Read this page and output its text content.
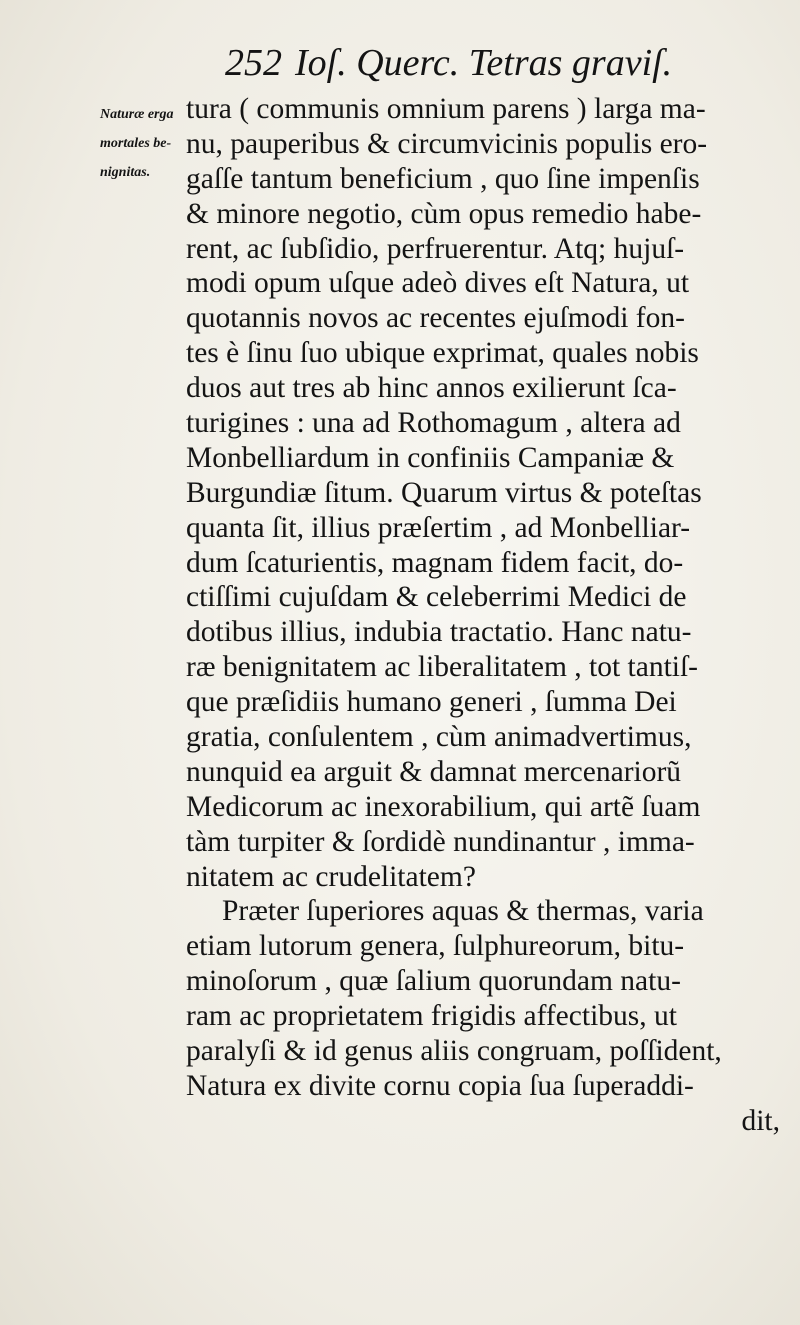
252 Ioſ. Querc. Tetras graviſ.
Naturæ erga
mortales be-
nignitas.
tura ( communis omnium parens ) larga ma-
nu, pauperibus & circumvicinis populis ero-
gaſſe tantum beneficium , quo ſine impenſis
& minore negotio, cùm opus remedio habe-
rent, ac ſubſidio, perfruerentur. Atq; hujuſ-
modi opum uſque adeò dives eſt Natura, ut
quotannis novos ac recentes ejuſmodi fon-
tes è ſinu ſuo ubique exprimat, quales nobis
duos aut tres ab hinc annos exilierunt ſca-
turigines : una ad Rothomagum , altera ad
Monbelliardum in confiniis Campaniæ &
Burgundiæ ſitum. Quarum virtus & poteſtas
quanta ſit, illius præſertim , ad Monbelliar-
dum ſcaturientis, magnam fidem facit, do-
ctiſſimi cujuſdam & celeberrimi Medici de
dotibus illius, indubia tractatio. Hanc natu-
ræ benignitatem ac liberalitatem , tot tantiſ-
que præſidiis humano generi , ſumma Dei
gratia, conſulentem , cùm animadvertimus,
nunquid ea arguit & damnat mercenariorũ
Medicorum ac inexorabilium, qui artẽ ſuam
tàm turpiter & ſordidè nundinantur , imma-
nitatem ac crudelitatem?
Præter ſuperiores aquas & thermas, varia
etiam lutorum genera, ſulphureorum, bitu-
minoſorum , quæ ſalium quorundam natu-
ram ac proprietatem frigidis affectibus, ut
paralyſi & id genus aliis congruam, poſſident,
Natura ex divite cornu copia ſua ſuperaddi-
dit,
